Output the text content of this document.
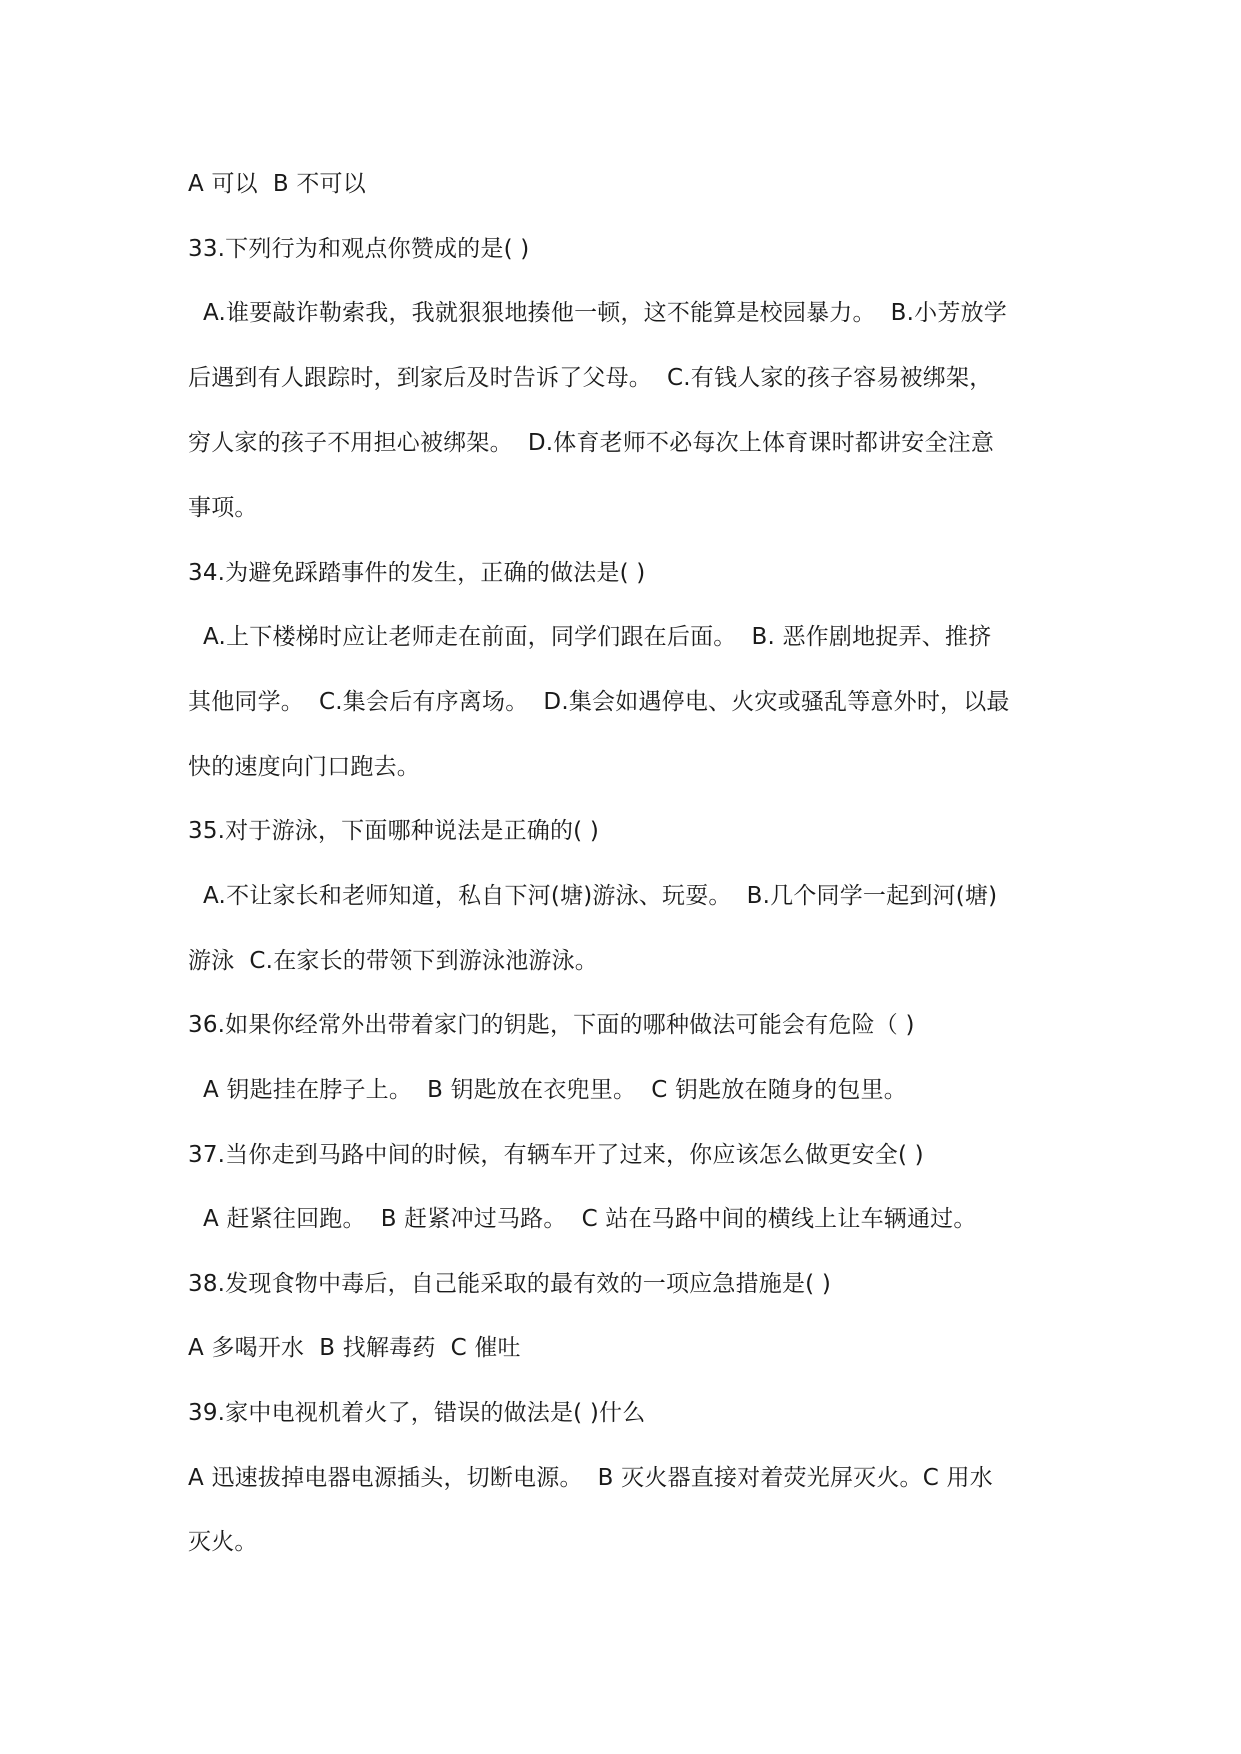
A 可以  B 不可以
33.下列行为和观点你赞成的是( )
A.谁要敲诈勒索我，我就狠狠地揍他一顿，这不能算是校园暴力。  B.小芳放学
后遇到有人跟踪时，到家后及时告诉了父母。  C.有钱人家的孩子容易被绑架，
穷人家的孩子不用担心被绑架。  D.体育老师不必每次上体育课时都讲安全注意
事项。
34.为避免踩踏事件的发生，正确的做法是( )
A.上下楼梯时应让老师走在前面，同学们跟在后面。  B. 恶作剧地捉弄、推挤
其他同学。  C.集会后有序离场。  D.集会如遇停电、火灾或骚乱等意外时，以最
快的速度向门口跑去。
35.对于游泳，下面哪种说法是正确的( )
A.不让家长和老师知道，私自下河(塘)游泳、玩耍。  B.几个同学一起到河(塘)
游泳  C.在家长的带领下到游泳池游泳。
36.如果你经常外出带着家门的钥匙，下面的哪种做法可能会有危险（ )
A 钥匙挂在脖子上。  B 钥匙放在衣兜里。  C 钥匙放在随身的包里。
37.当你走到马路中间的时候，有辆车开了过来，你应该怎么做更安全( )
A 赶紧往回跑。  B 赶紧冲过马路。  C 站在马路中间的横线上让车辆通过。
38.发现食物中毒后，自己能采取的最有效的一项应急措施是( )
A 多喝开水  B 找解毒药  C 催吐
39.家中电视机着火了，错误的做法是( )什么
A 迅速拔掉电器电源插头，切断电源。  B 灭火器直接对着荧光屏灭火。C 用水
灭火。
